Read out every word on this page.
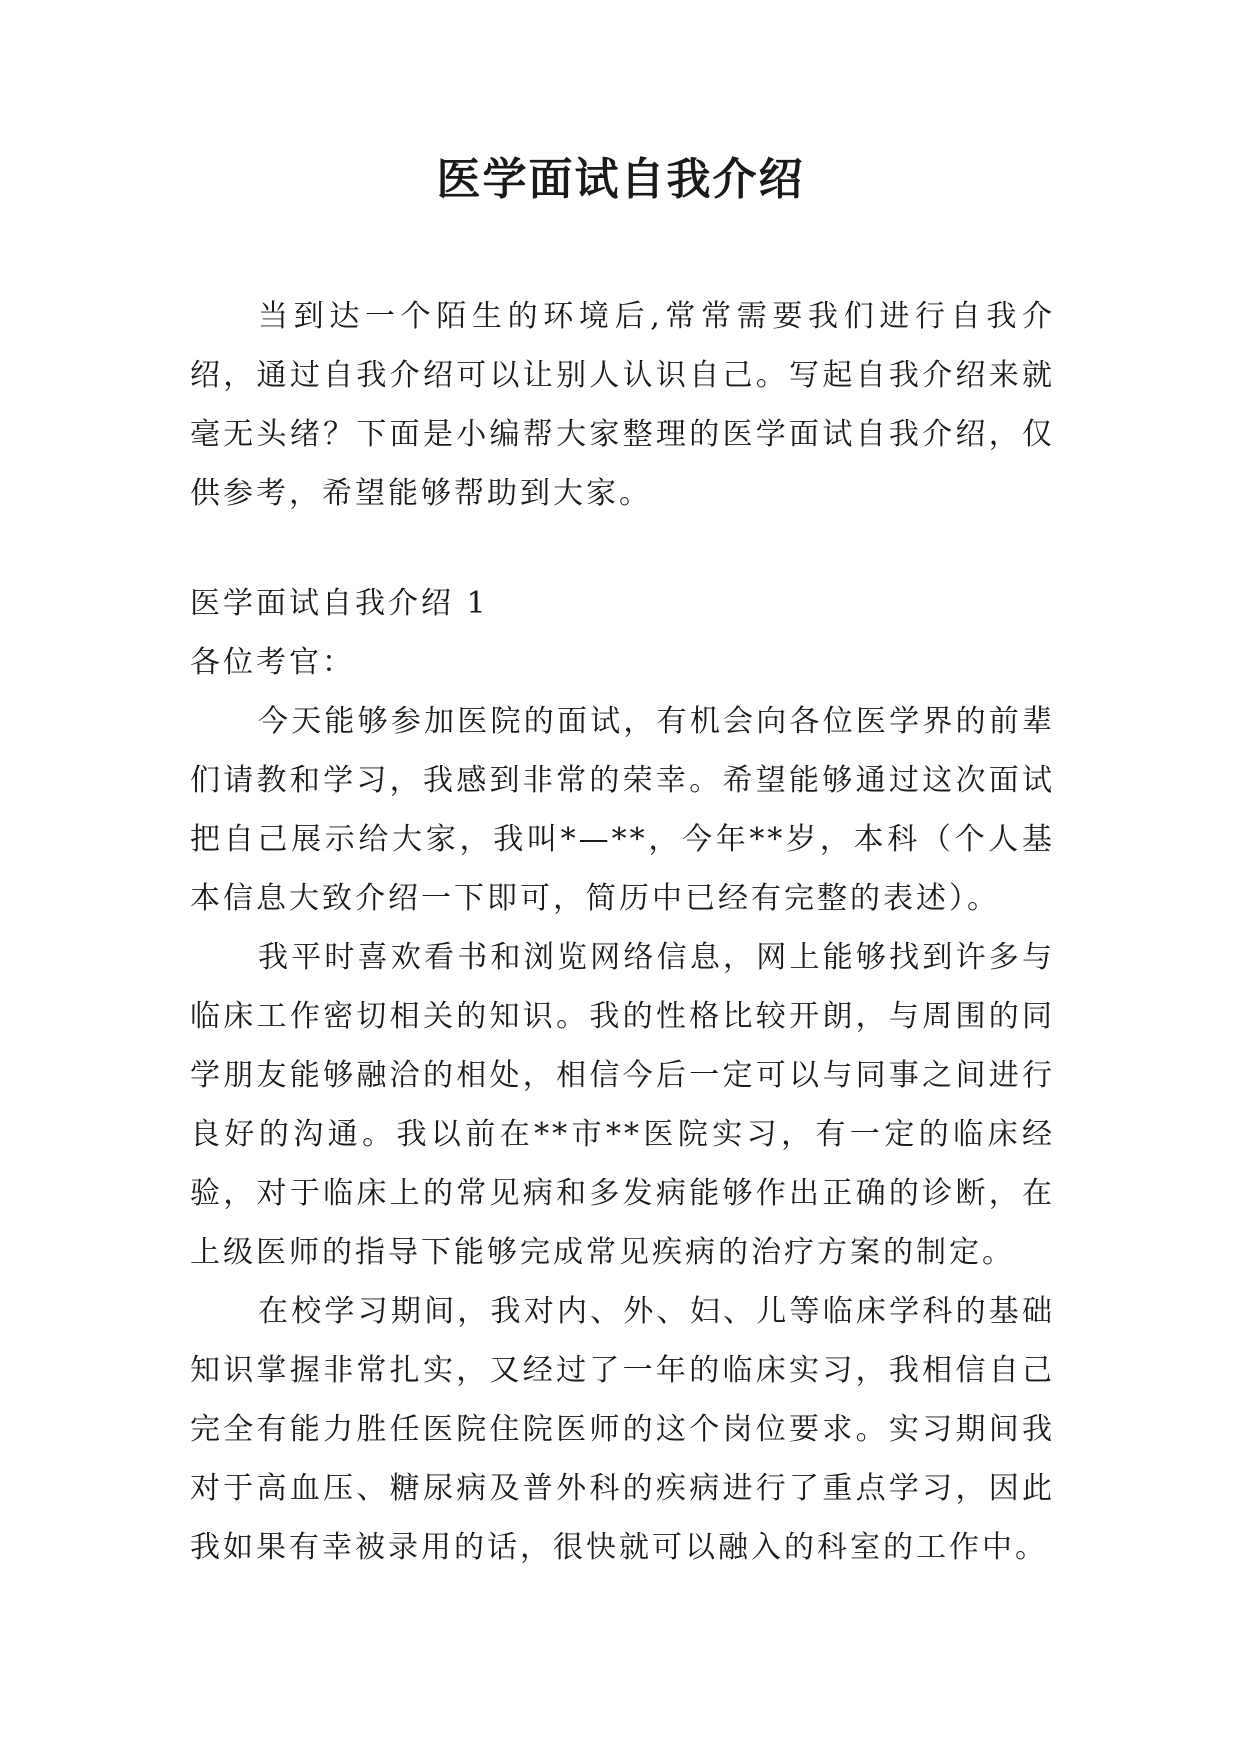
医学面试自我介绍

当到达一个陌生的环境后,常常需要我们进行自我介绍，通过自我介绍可以让别人认识自己。写起自我介绍来就毫无头绪？下面是小编帮大家整理的医学面试自我介绍，仅供参考，希望能够帮助到大家。

医学面试自我介绍 1

各位考官：

今天能够参加医院的面试，有机会向各位医学界的前辈们请教和学习，我感到非常的荣幸。希望能够通过这次面试把自己展示给大家，我叫*—**，今年**岁，本科（个人基本信息大致介绍一下即可，简历中已经有完整的表述）。

我平时喜欢看书和浏览网络信息，网上能够找到许多与临床工作密切相关的知识。我的性格比较开朗，与周围的同学朋友能够融洽的相处，相信今后一定可以与同事之间进行良好的沟通。我以前在**市**医院实习，有一定的临床经验，对于临床上的常见病和多发病能够作出正确的诊断，在上级医师的指导下能够完成常见疾病的治疗方案的制定。

在校学习期间，我对内、外、妇、儿等临床学科的基础知识掌握非常扎实，又经过了一年的临床实习，我相信自己完全有能力胜任医院住院医师的这个岗位要求。实习期间我对于高血压、糖尿病及普外科的疾病进行了重点学习，因此我如果有幸被录用的话，很快就可以融入的科室的工作中。
